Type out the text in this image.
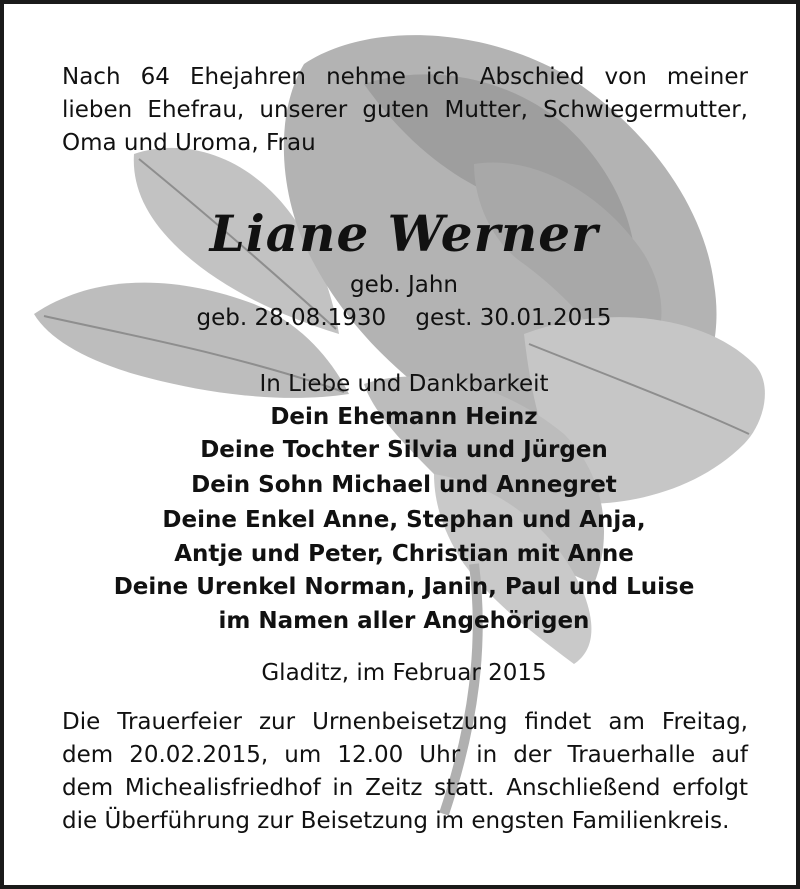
Nach 64 Ehejahren nehme ich Abschied von meiner
lieben Ehefrau, unserer guten Mutter, Schwiegermutter,
Oma und Uroma, Frau

Liane Werner

geb. Jahn

geb. 28.08.1930 gest. 30.01.2015

In Liebe und Dankbarkeit

Dein Ehemann Heinz

Deine Tochter Silvia und Jürgen

Dein Sohn Michael und Annegret

Deine Enkel Anne, Stephan und Anja,

Antje und Peter, Christian mit Anne

Deine Urenkel Norman, Janin, Paul und Luise

im Namen aller Angehörigen

Gladitz, im Februar 2015

Die Trauerfeier zur Urnenbeisetzung findet am Freitag,
dem 20.02.2015, um 12.00 Uhr in der Trauerhalle auf
dem Michealisfriedhof in Zeitz statt. Anschließend erfolgt
die Überführung zur Beisetzung im engsten Familienkreis.
